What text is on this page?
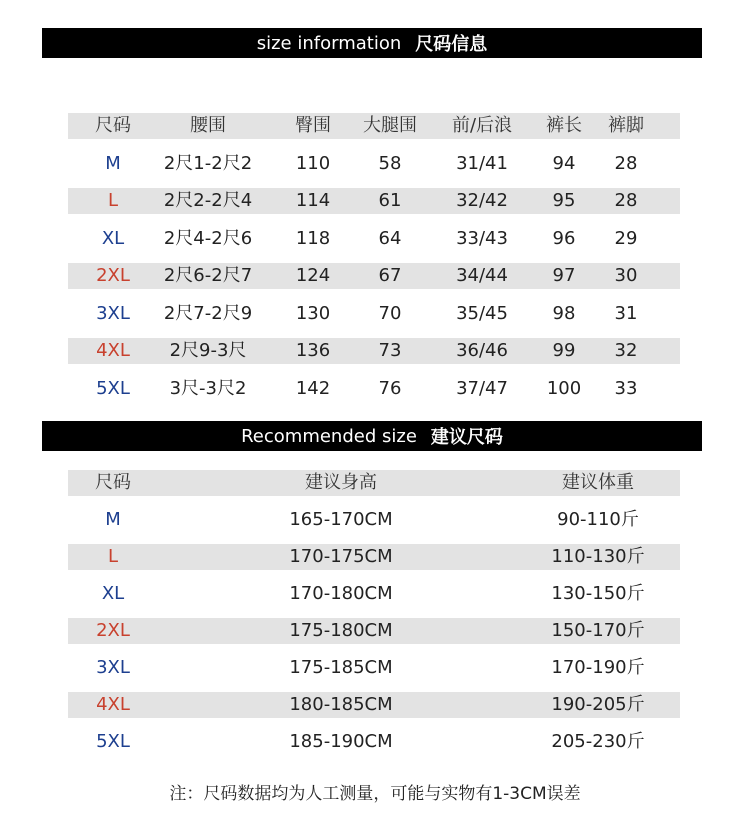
size information 尺码信息
尺码	腰围	臀围 大腿围 前/后浪 裤长 裤脚
M 2尺1-2尺2 110	58	31/41 94 28
L	2尺2-2尺4 114	61	32/42 95 28
XL 2尺4-2尺6 118	64	33/43 96 29
2XL 2尺6-2尺7 124	67	34/44 97 30
3XL 2尺7-2尺9 130	70	35/45 98 31
4XL 2尺9-3尺	136	73	36/46 99 32
5XL 3尺-3尺2	142	76	37/47 100 33
Recommended size 建议尺码
尺码	建议身高	建议体重
M	165-170CM	90-110斤
L	170-175CM	110-130斤
XL	170-180CM	130-150斤
2XL	175-180CM	150-170斤
3XL	175-185CM	170-190斤
4XL	180-185CM	190-205斤
5XL	185-190CM	205-230斤
注：尺码数据均为人工测量，可能与实物有1-3CM误差
